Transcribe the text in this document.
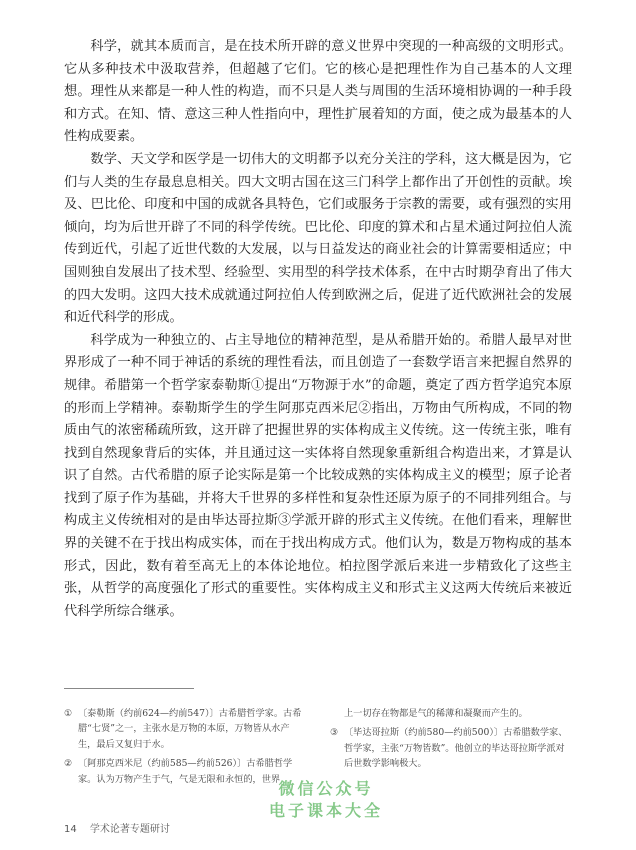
科学，就其本质而言，是在技术所开辟的意义世界中突现的一种高级的文明形式。它从多种技术中汲取营养，但超越了它们。它的核心是把理性作为自己基本的人文理想。理性从来都是一种人性的构造，而不只是人类与周围的生活环境相协调的一种手段和方式。在知、情、意这三种人性指向中，理性扩展着知的方面，使之成为最基本的人性构成要素。

数学、天文学和医学是一切伟大的文明都予以充分关注的学科，这大概是因为，它们与人类的生存最息息相关。四大文明古国在这三门科学上都作出了开创性的贡献。埃及、巴比伦、印度和中国的成就各具特色，它们或服务于宗教的需要，或有强烈的实用倾向，均为后世开辟了不同的科学传统。巴比伦、印度的算术和占星术通过阿拉伯人流传到近代，引起了近世代数的大发展，以与日益发达的商业社会的计算需要相适应；中国则独自发展出了技术型、经验型、实用型的科学技术体系，在中古时期孕育出了伟大的四大发明。这四大技术成就通过阿拉伯人传到欧洲之后，促进了近代欧洲社会的发展和近代科学的形成。

科学成为一种独立的、占主导地位的精神范型，是从希腊开始的。希腊人最早对世界形成了一种不同于神话的系统的理性看法，而且创造了一套数学语言来把握自然界的规律。希腊第一个哲学家泰勒斯①提出“万物源于水”的命题，奠定了西方哲学追究本原的形而上学精神。泰勒斯学生的学生阿那克西米尼②指出，万物由气所构成，不同的物质由气的浓密稀疏所致，这开辟了把握世界的实体构成主义传统。这一传统主张，唯有找到自然现象背后的实体，并且通过这一实体将自然现象重新组合构造出来，才算是认识了自然。古代希腊的原子论实际是第一个比较成熟的实体构成主义的模型；原子论者找到了原子作为基础，并将大千世界的多样性和复杂性还原为原子的不同排列组合。与构成主义传统相对的是由毕达哥拉斯③学派开辟的形式主义传统。在他们看来，理解世界的关键不在于找出构成实体，而在于找出构成方式。他们认为，数是万物构成的基本形式，因此，数有着至高无上的本体论地位。柏拉图学派后来进一步精致化了这些主张，从哲学的高度强化了形式的重要性。实体构成主义和形式主义这两大传统后来被近代科学所综合继承。

① 〔泰勒斯（约前624—约前547）〕古希腊哲学家。古希腊“七贤”之一，主张水是万物的本原，万物皆从水产生，最后又复归于水。
② 〔阿那克西米尼（约前585—约前526）〕古希腊哲学家。认为万物产生于气，气是无限和永恒的，世界
上一切存在物都是气的稀薄和凝聚而产生的。
③ 〔毕达哥拉斯（约前580—约前500）〕古希腊数学家、哲学家，主张“万物皆数”。他创立的毕达哥拉斯学派对后世数学影响极大。
微信公众号
电子课本大全
14 学术论著专题研讨
